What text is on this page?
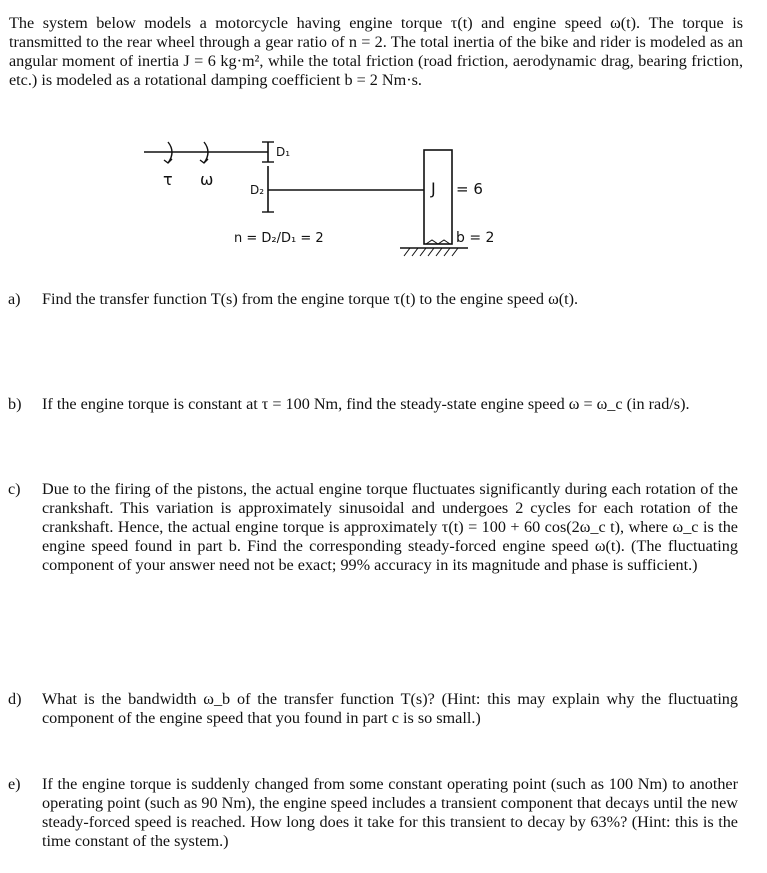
The system below models a motorcycle having engine torque τ(t) and engine speed ω(t). The torque is transmitted to the rear wheel through a gear ratio of n = 2. The total inertia of the bike and rider is modeled as an angular moment of inertia J = 6 kg·m², while the total friction (road friction, aerodynamic drag, bearing friction, etc.) is modeled as a rotational damping coefficient b = 2 Nm·s.

τ ω
D₁
D₂	J = 6
b = 2
n = D₂/D₁ = 2
a)	Find the transfer function T(s) from the engine torque τ(t) to the engine speed ω(t).
b)	If the engine torque is constant at τ = 100 Nm, find the steady-state engine speed ω = ω_c (in rad/s).
c)	Due to the firing of the pistons, the actual engine torque fluctuates significantly during each rotation of the crankshaft. This variation is approximately sinusoidal and undergoes 2 cycles for each rotation of the crankshaft. Hence, the actual engine torque is approximately τ(t) = 100 + 60 cos(2ω_c t), where ω_c is the engine speed found in part b. Find the corresponding steady-forced engine speed ω(t). (The fluctuating component of your answer need not be exact; 99% accuracy in its magnitude and phase is sufficient.)
d)	What is the bandwidth ω_b of the transfer function T(s)? (Hint: this may explain why the fluctuating component of the engine speed that you found in part c is so small.)
e)	If the engine torque is suddenly changed from some constant operating point (such as 100 Nm) to another operating point (such as 90 Nm), the engine speed includes a transient component that decays until the new steady-forced speed is reached. How long does it take for this transient to decay by 63%? (Hint: this is the time constant of the system.)
